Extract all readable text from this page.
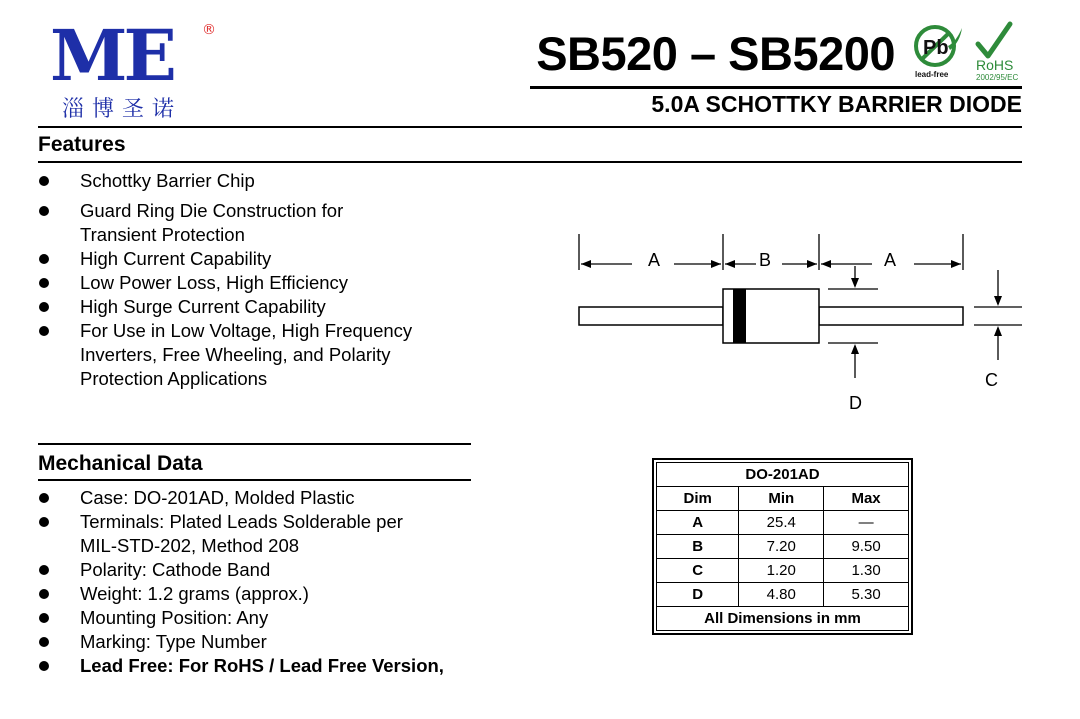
ME ®
淄博圣诺
SB520 – SB5200 Pb
lead-free
RoHS
2002/95/EC
5.0A SCHOTTKY BARRIER DIODE
Features
Schottky Barrier Chip
Guard Ring Die Construction for
Transient Protection
High Current Capability
Low Power Loss, High Efficiency
High Surge Current Capability
For Use in Low Voltage, High Frequency
Inverters, Free Wheeling, and Polarity
Protection Applications
A	B	A
D
C
Mechanical Data
Case: DO-201AD, Molded Plastic
Terminals: Plated Leads Solderable per
MIL-STD-202, Method 208
Polarity: Cathode Band
Weight: 1.2 grams (approx.)
Mounting Position: Any
Marking: Type Number
Lead Free: For RoHS / Lead Free Version,
DO-201AD		
Dim	Min	Max
A	25.4	—
B	7.20	9.50
C	1.20	1.30
D	4.80	5.30
All Dimensions in mm		
